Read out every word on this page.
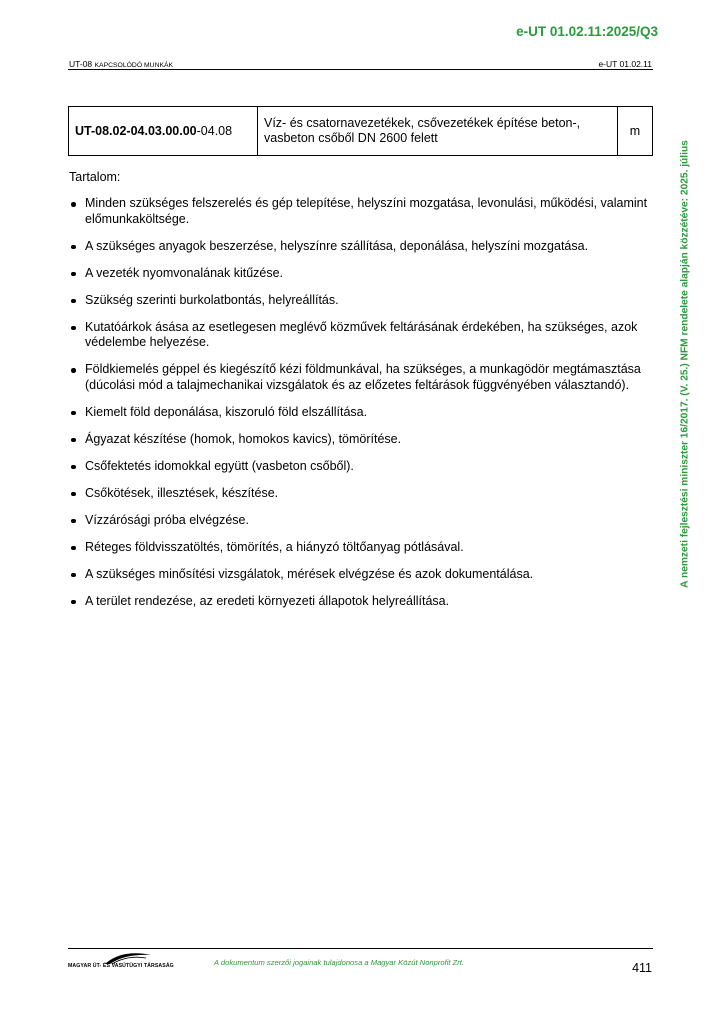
e-UT 01.02.11:2025/Q3
UT-08 KAPCSOLÓDÓ MUNKÁK	e-UT 01.02.11
A nemzeti fejlesztési miniszter 16/2017. (V. 25.) NFM rendelete alapján közzétéve: 2025. július
UT-08.02-04.03.00.00-04.08	Víz- és csatornavezetékek, csővezetékek építése beton-, vasbeton csőből DN 2600 felett	m
Tartalom:
Minden szükséges felszerelés és gép telepítése, helyszíni mozgatása, levonulási, működési, valamint előmunkaköltsége.
A szükséges anyagok beszerzése, helyszínre szállítása, deponálása, helyszíni mozgatása.
A vezeték nyomvonalának kitűzése.
Szükség szerinti burkolatbontás, helyreállítás.
Kutatóárkok ásása az esetlegesen meglévő közművek feltárásának érdekében, ha szükséges, azok védelembe helyezése.
Földkiemelés géppel és kiegészítő kézi földmunkával, ha szükséges, a munkagödör megtámasztása (dúcolási mód a talajmechanikai vizsgálatok és az előzetes feltárások függvényében választandó).
Kiemelt föld deponálása, kiszoruló föld elszállítása.
Ágyazat készítése (homok, homokos kavics), tömörítése.
Csőfektetés idomokkal együtt (vasbeton csőből).
Csőkötések, illesztések, készítése.
Vízzárósági próba elvégzése.
Réteges földvisszatöltés, tömörítés, a hiányzó töltőanyag pótlásával.
A szükséges minősítési vizsgálatok, mérések elvégzése és azok dokumentálása.
A terület rendezése, az eredeti környezeti állapotok helyreállítása.
MAGYAR ÚT- ÉS VASÚTÜGYI TÁRSASÁG	A dokumentum szerzői jogainak tulajdonosa a Magyar Közút Nonprofit Zrt.	411
